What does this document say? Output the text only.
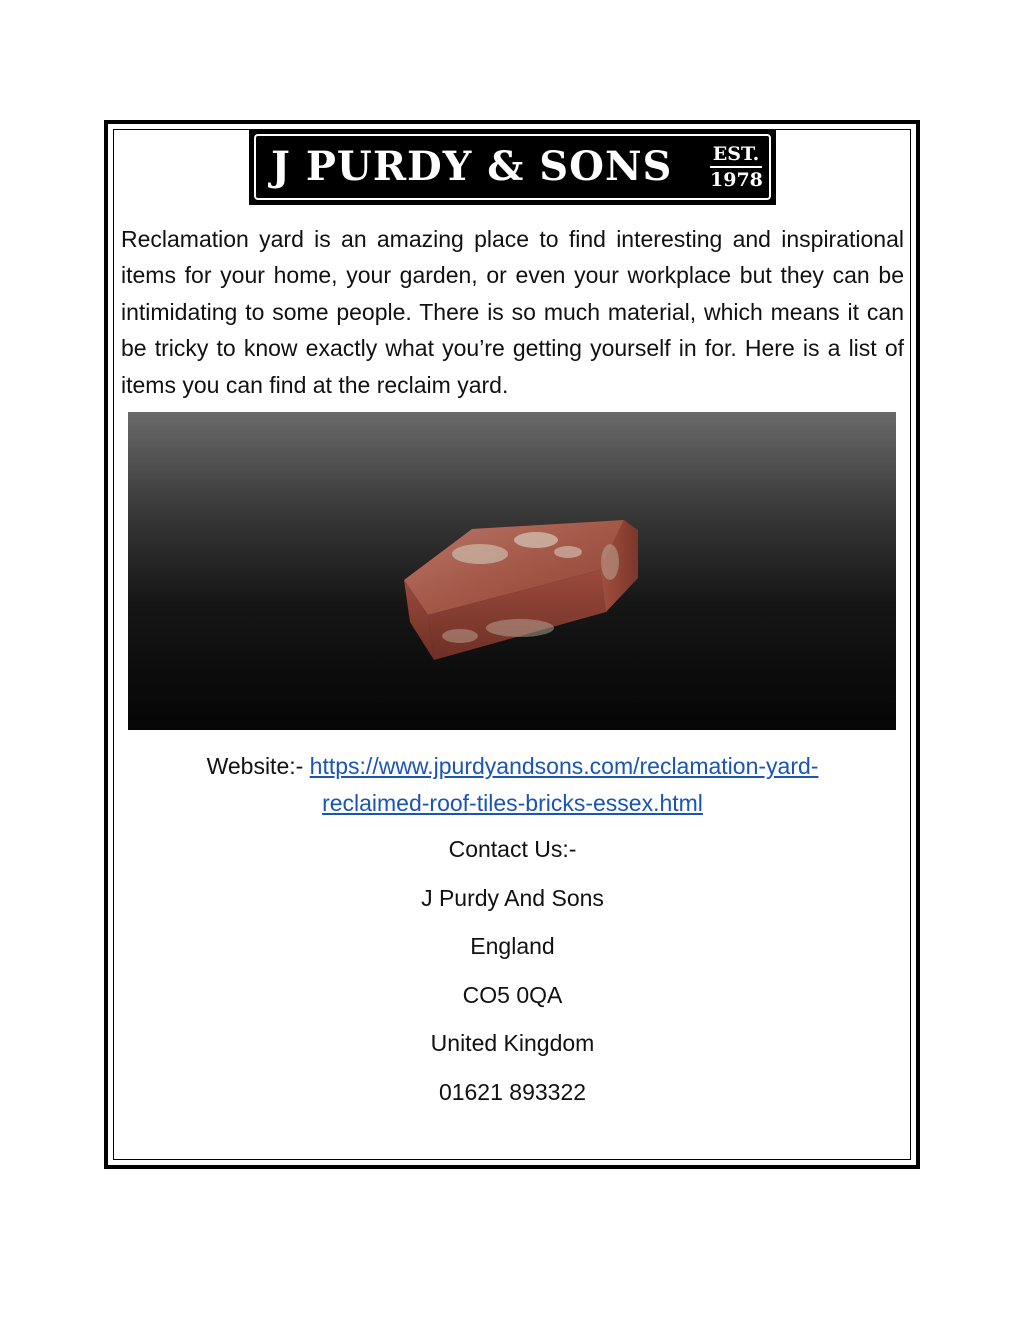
J PURDY & SONS EST.
1978

Reclamation yard is an amazing place to find interesting and inspirational items for your home, your garden, or even your workplace but they can be intimidating to some people. There is so much material, which means it can be tricky to know exactly what you’re getting yourself in for. Here is a list of items you can find at the reclaim yard.

Website:- https://www.jpurdyandsons.com/reclamation-yard-
reclaimed-roof-tiles-bricks-essex.html
Contact Us:-
J Purdy And Sons
England
CO5 0QA
United Kingdom
01621 893322
